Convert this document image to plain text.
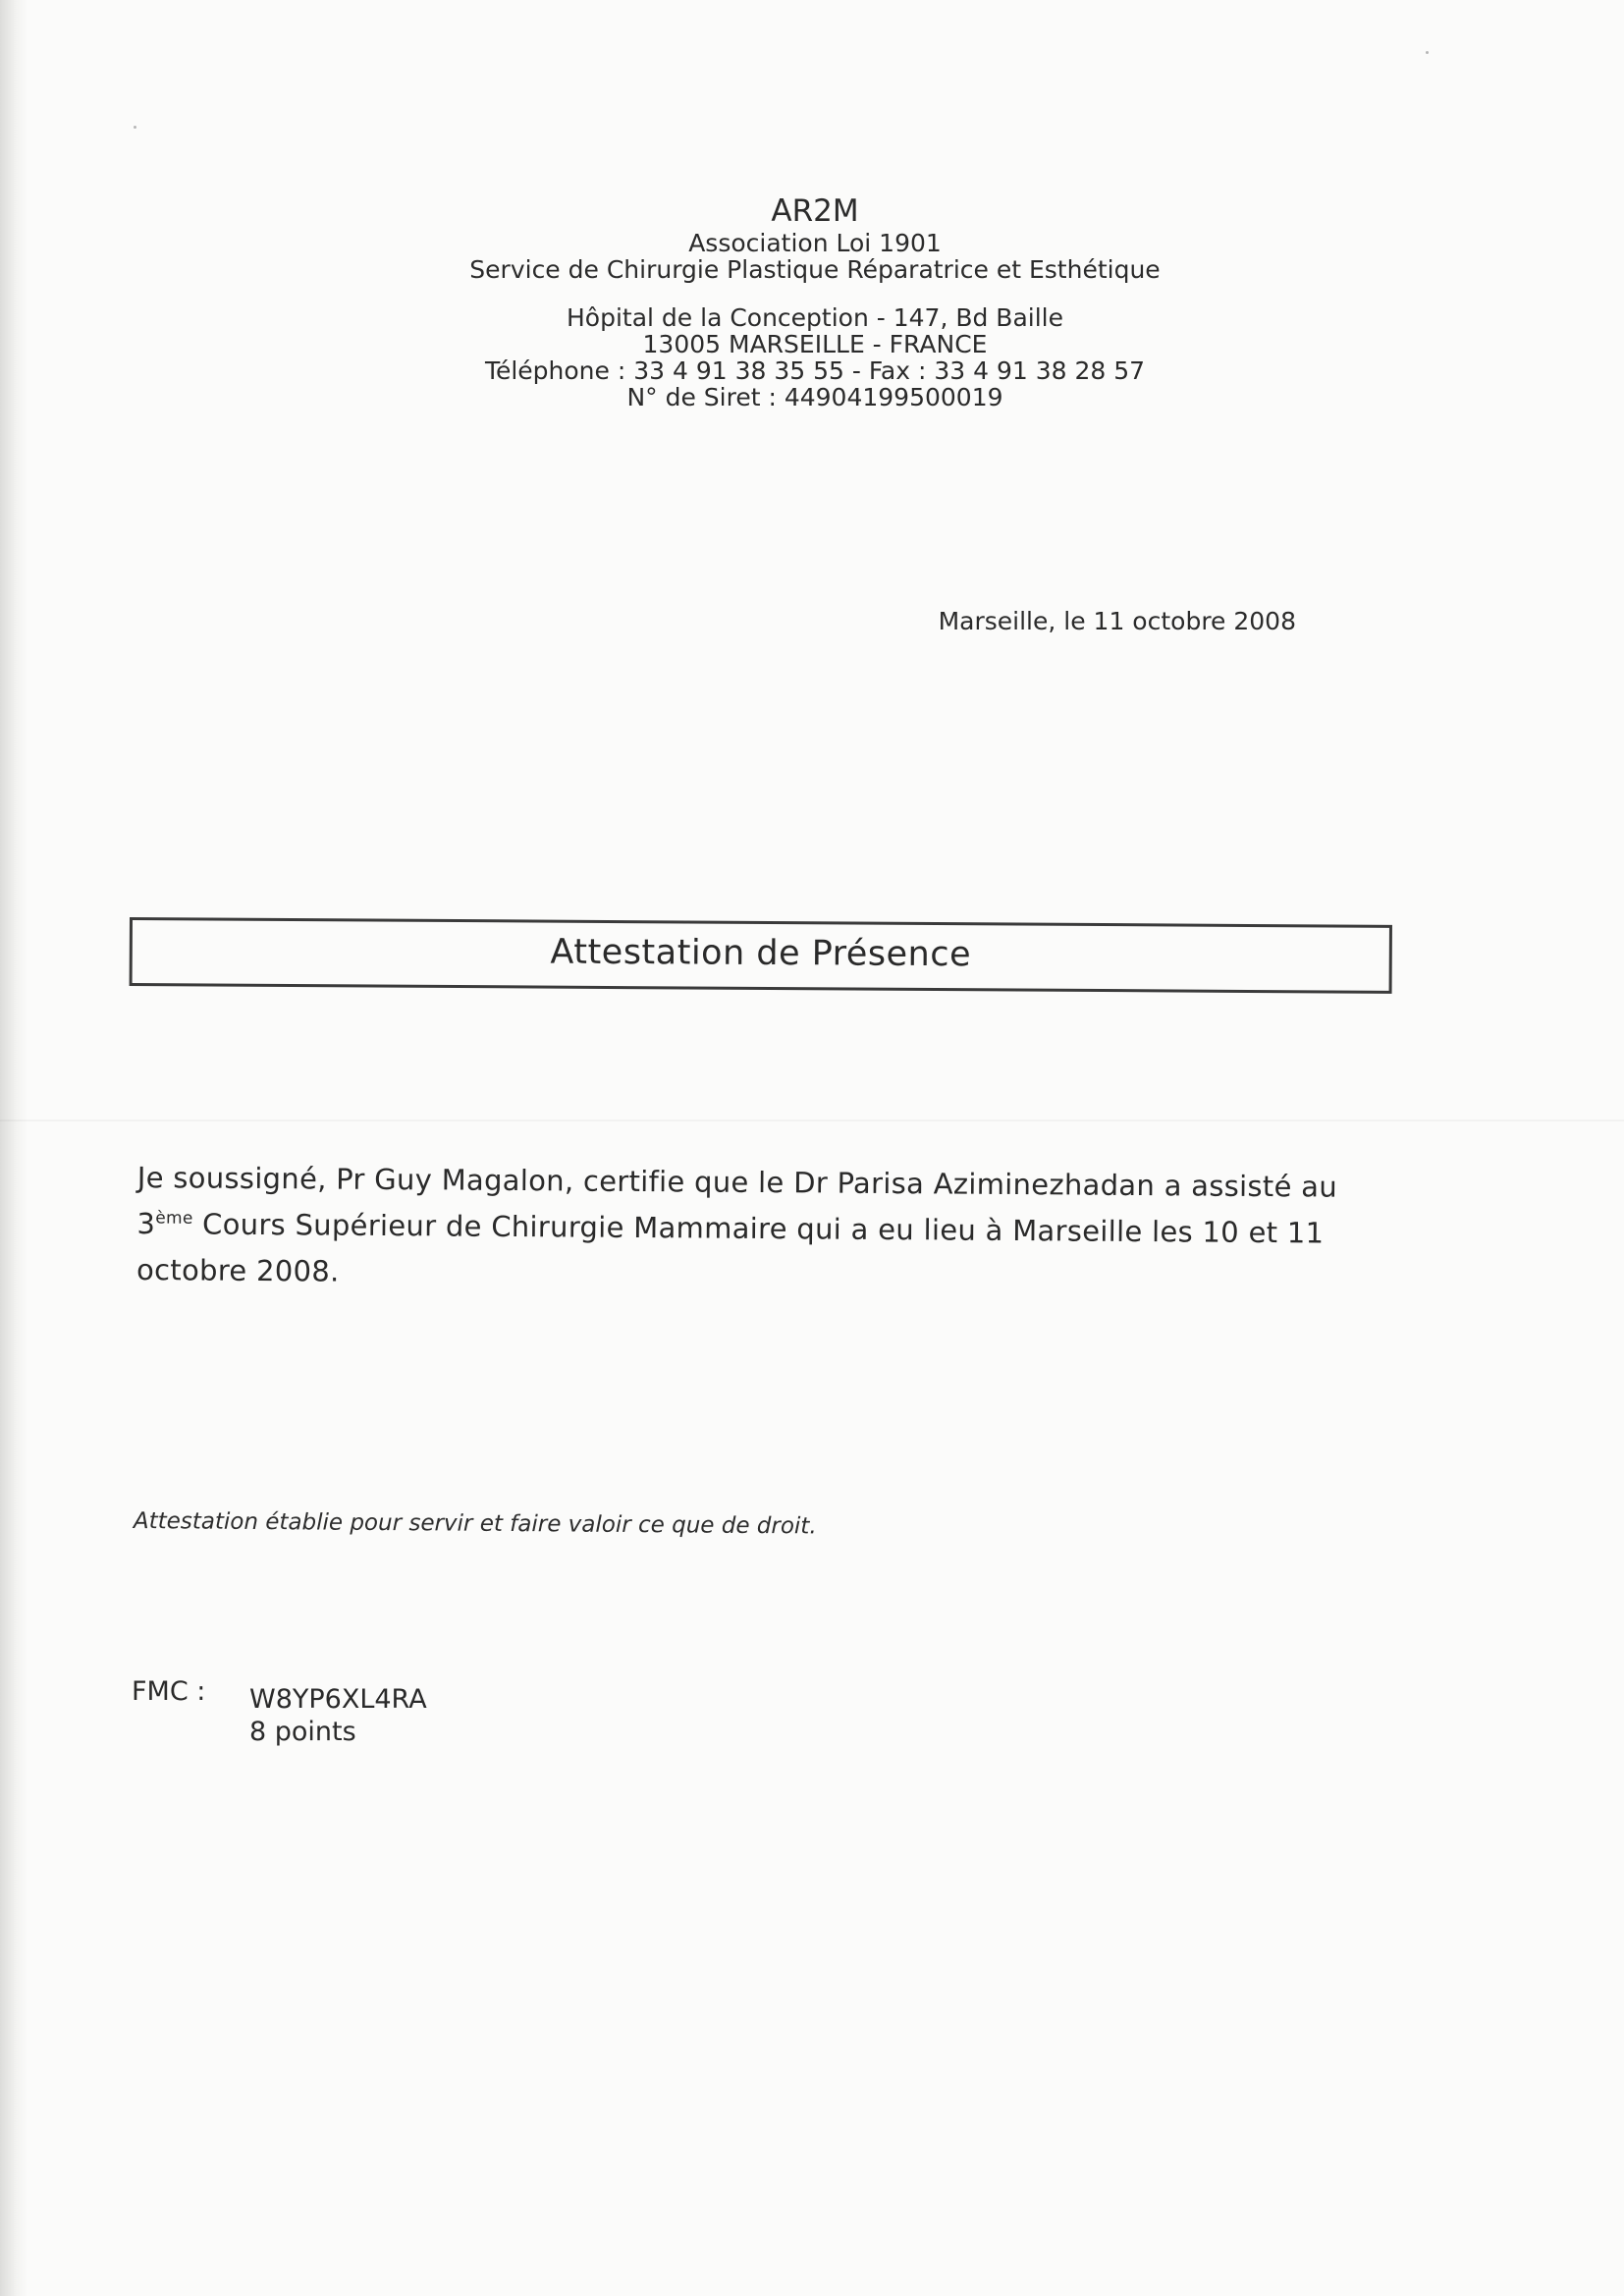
AR2M
Association Loi 1901
Service de Chirurgie Plastique Réparatrice et Esthétique
Hôpital de la Conception - 147, Bd Baille
13005 MARSEILLE - FRANCE
Téléphone : 33 4 91 38 35 55 - Fax : 33 4 91 38 28 57
N° de Siret : 44904199500019
Marseille, le 11 octobre 2008
Attestation de Présence
Je soussigné, Pr Guy Magalon, certifie que le Dr Parisa Aziminezhadan a assisté au
3ème Cours Supérieur de Chirurgie Mammaire qui a eu lieu à Marseille les 10 et 11
octobre 2008.
Attestation établie pour servir et faire valoir ce que de droit.
FMC :	W8YP6XL4RA
8 points
